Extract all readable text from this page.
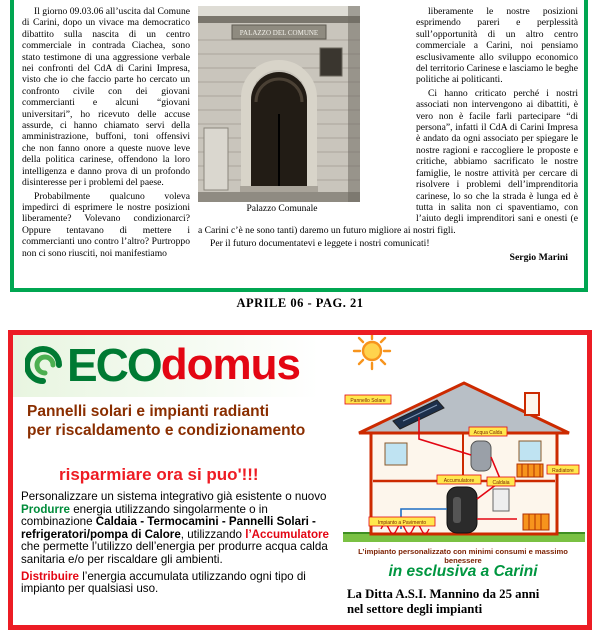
Il giorno 09.03.06 all’uscita dal Comune di Carini, dopo un vivace ma democratico dibattito sulla nascita di un centro commerciale in contrada Ciachea, sono stato testimone di una aggressione verbale nei confronti del CdA di Carini Impresa, visto che io che faccio parte ho cercato un confronto civile con dei giovani commercianti e alcuni “giovani universitari”, ho ricevuto delle accuse assurde, ci hanno chiamato servi della amministrazione, buffoni, toni offensivi che non fanno onore a queste nuove leve della politica carinese, offendono la loro intelligenza e danno prova di un profondo disinteresse per i problemi del paese.

Probabilmente qualcuno voleva impedirci di esprimere le nostre posizioni liberamente? Volevano condizionarci? Oppure tentavano di mettere i commercianti uno contro l’altro? Purtroppo non ci sono riusciti, noi manifestiamo

PALAZZO DEL COMUNE
Palazzo Comunale

liberamente le nostre posizioni esprimendo pareri e perplessità sull’opportunità di un altro centro commerciale a Carini, noi pensiamo esclusivamente allo sviluppo economico del territorio Carinese e lasciamo le beghe politiche ai politicanti.

Ci hanno criticato perché i nostri associati non intervengono ai dibattiti, è vero non è facile farli partecipare “di persona”, infatti il CdA di Carini Impresa è andato da ogni associato per spiegare le nostre ragioni e raccogliere le proposte e critiche, abbiamo sacrificato le nostre famiglie, le nostre attività per cercare di risolvere i problemi dell’imprenditoria carinese, lo so che la strada è lunga ed è tutta in salita non ci spaventiamo, con l’aiuto degli imprenditori sani e onesti (e a Carini c’è ne sono tanti) daremo un futuro migliore ai nostri figli.

Per il futuro documentatevi e leggete i nostri comunicati!

Sergio Marini
APRILE 06 - PAG. 21
ECO domus
Pannelli solari e impianti radianti
per riscaldamento e condizionamento
risparmiare ora si puo'!!!

Personalizzare un sistema integrativo già esistente o nuovo Produrre energia utilizzando singolarmente o in combinazione Caldaia - Termocamini - Pannelli Solari - refrigeratori/pompa di Calore, utilizzando l’Accumulatore che permette l’utilizzo dell’energia per produrre acqua calda sanitaria e/o per riscaldare gli ambienti.

Distribuire l’energia accumulata utilizzando ogni tipo di impianto per qualsiasi uso.

Pannello Solare
Acqua Calda
Radiatore
Caldaia
Accumulatore
Impianto a Pavimento
L’impianto personalizzato con minimi consumi e massimo benessere
in esclusiva a Carini
La Ditta A.S.I. Mannino da 25 anni
nel settore degli impianti
